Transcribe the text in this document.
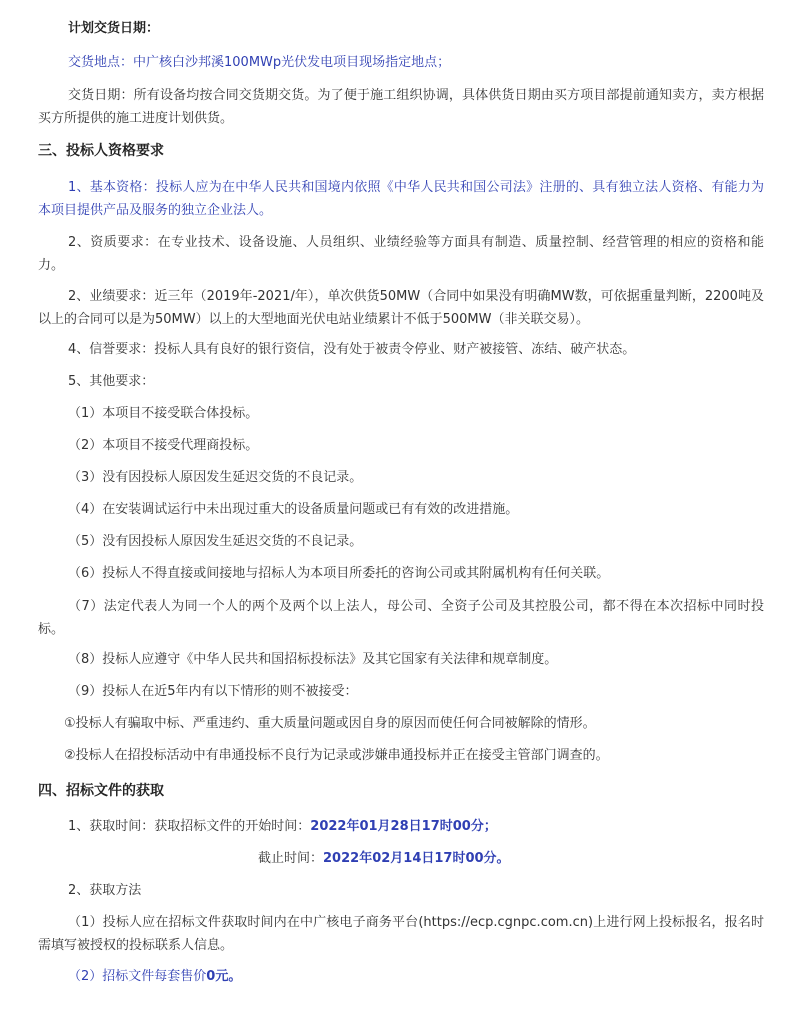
计划交货日期：
交货地点：中广核白沙邦溪100MWp光伏发电项目现场指定地点；
交货日期：所有设备均按合同交货期交货。为了便于施工组织协调，具体供货日期由买方项目部提前通知卖方，卖方根据买方所提供的施工进度计划供货。
三、投标人资格要求
1、基本资格：投标人应为在中华人民共和国境内依照《中华人民共和国公司法》注册的、具有独立法人资格、有能力为本项目提供产品及服务的独立企业法人。
2、资质要求：在专业技术、设备设施、人员组织、业绩经验等方面具有制造、质量控制、经营管理的相应的资格和能力。
2、业绩要求：近三年（2019年-2021/年），单次供货50MW（合同中如果没有明确MW数，可依据重量判断，2200吨及以上的合同可以是为50MW）以上的大型地面光伏电站业绩累计不低于500MW（非关联交易）。
4、信誉要求：投标人具有良好的银行资信，没有处于被责令停业、财产被接管、冻结、破产状态。
5、其他要求：
（1）本项目不接受联合体投标。
（2）本项目不接受代理商投标。
（3）没有因投标人原因发生延迟交货的不良记录。
（4）在安装调试运行中未出现过重大的设备质量问题或已有有效的改进措施。
（5）没有因投标人原因发生延迟交货的不良记录。
（6）投标人不得直接或间接地与招标人为本项目所委托的咨询公司或其附属机构有任何关联。
（7）法定代表人为同一个人的两个及两个以上法人，母公司、全资子公司及其控股公司，都不得在本次招标中同时投标。
（8）投标人应遵守《中华人民共和国招标投标法》及其它国家有关法律和规章制度。
（9）投标人在近5年内有以下情形的则不被接受：
①投标人有骗取中标、严重违约、重大质量问题或因自身的原因而使任何合同被解除的情形。
②投标人在招投标活动中有串通投标不良行为记录或涉嫌串通投标并正在接受主管部门调查的。
四、招标文件的获取
1、获取时间：获取招标文件的开始时间：2022年01月28日17时00分；
截止时间：2022年02月14日17时00分。
2、获取方法
（1）投标人应在招标文件获取时间内在中广核电子商务平台(https://ecp.cgnpc.com.cn)上进行网上投标报名，报名时需填写被授权的投标联系人信息。
（2）招标文件每套售价0元。
